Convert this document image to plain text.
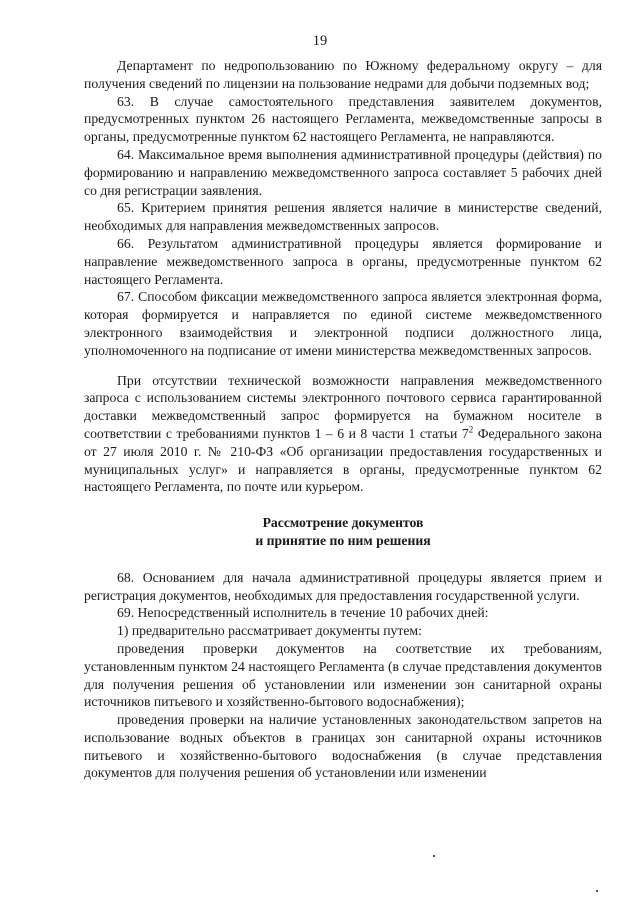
19

Департамент по недропользованию по Южному федеральному округу – для получения сведений по лицензии на пользование недрами для добычи подземных вод;

63. В случае самостоятельного представления заявителем документов, предусмотренных пунктом 26 настоящего Регламента, межведомственные запросы в органы, предусмотренные пунктом 62 настоящего Регламента, не направляются.

64. Максимальное время выполнения административной процедуры (действия) по формированию и направлению межведомственного запроса составляет 5 рабочих дней со дня регистрации заявления.

65. Критерием принятия решения является наличие в министерстве сведений, необходимых для направления межведомственных запросов.

66. Результатом административной процедуры является формирование и направление межведомственного запроса в органы, предусмотренные пунктом 62 настоящего Регламента.

67. Способом фиксации межведомственного запроса является электронная форма, которая формируется и направляется по единой системе межведомственного электронного взаимодействия и электронной подписи должностного лица, уполномоченного на подписание от имени министерства межведомственных запросов.

При отсутствии технической возможности направления межведомственного запроса с использованием системы электронного почтового сервиса гарантированной доставки межведомственный запрос формируется на бумажном носителе в соответствии с требованиями пунктов 1 – 6 и 8 части 1 статьи $7^2$ Федерального закона от 27 июля 2010 г. № 210-ФЗ «Об организации предоставления государственных и муниципальных услуг» и направляется в органы, предусмотренные пунктом 62 настоящего Регламента, по почте или курьером.

Рассмотрение документов
и принятие по ним решения

68. Основанием для начала административной процедуры является прием и регистрация документов, необходимых для предоставления государственной услуги.

69. Непосредственный исполнитель в течение 10 рабочих дней:

1) предварительно рассматривает документы путем:

проведения проверки документов на соответствие их требованиям, установленным пунктом 24 настоящего Регламента (в случае представления документов для получения решения об установлении или изменении зон санитарной охраны источников питьевого и хозяйственно-бытового водоснабжения);

проведения проверки на наличие установленных законодательством запретов на использование водных объектов в границах зон санитарной охраны источников питьевого и хозяйственно-бытового водоснабжения (в случае представления документов для получения решения об установлении или изменении
